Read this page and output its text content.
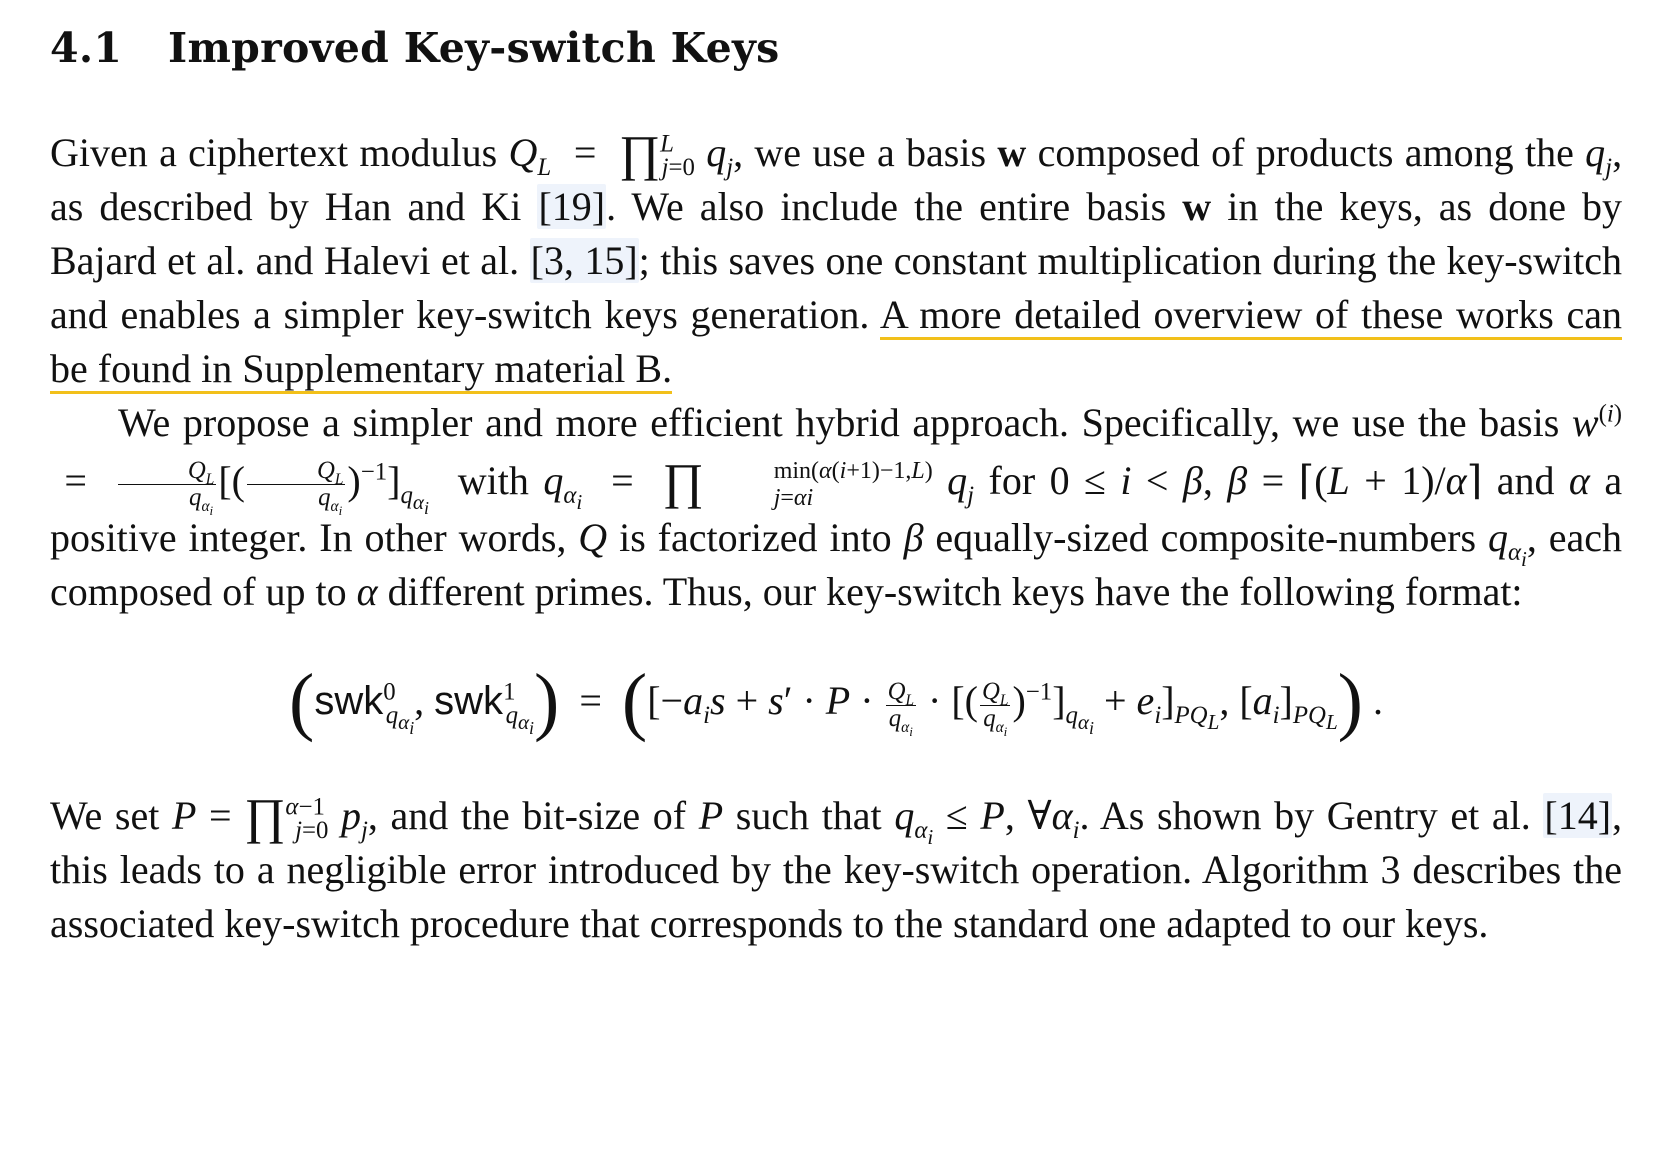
4.1 Improved Key-switch Keys

Given a ciphertext modulus $Q_L$  =  ∏$^L_{j=0}$ $q_j$, we use a basis w composed of products among the $q_j$, as described by Han and Ki [19]. We also include the entire basis w in the keys, as done by Bajard et al. and Halevi et al. [3, 15]; this saves one constant multiplication during the key-switch and enables a simpler key-switch keys generation. A more detailed overview of these works can be found in Supplementary material B.

We propose a simpler and more efficient hybrid approach. Specifically, we use the basis $w^{(i)} = \frac{Q_L}{q_{\alpha_i}}$ [( $\frac{Q_L}{q_{\alpha_i}} )^{-1}]_{q_{\alpha_i}}$  with $q_{\alpha_i}$  =  ∏	min(α(i+1)−1,L)
j=αi	$q_j$ for 0 ≤ i < β, β = ⌈(L + 1)/α⌉ and α a positive integer. In other words, Q is factorized into β equally-sized composite-numbers $q_{\alpha_i}$, each composed of up to α different primes. Thus, our key-switch keys have the following format:

(swk$^0_{q_{\alpha_i}}$, $swk^1_{q_{\alpha_i}}) = ([-a_is + s' \cdot P \cdot \frac{Q_L}{q_{\alpha_i}}$ · [( $\frac{Q_L}{q_{\alpha_i}} )^{-1}]_{q_{\alpha_i}} + e_i]_{PQ_L}$, $[a_i]_{PQ_L}$) .

We set P = ∏$^{\alpha-1}_{j=0}$ $p_j$, and the bit-size of P such that $q_{\alpha_i} \le P$, $\forall\alpha_i$. As shown by Gentry et al. [14], this leads to a negligible error introduced by the key-switch operation. Algorithm 3 describes the associated key-switch procedure that corresponds to the standard one adapted to our keys.
